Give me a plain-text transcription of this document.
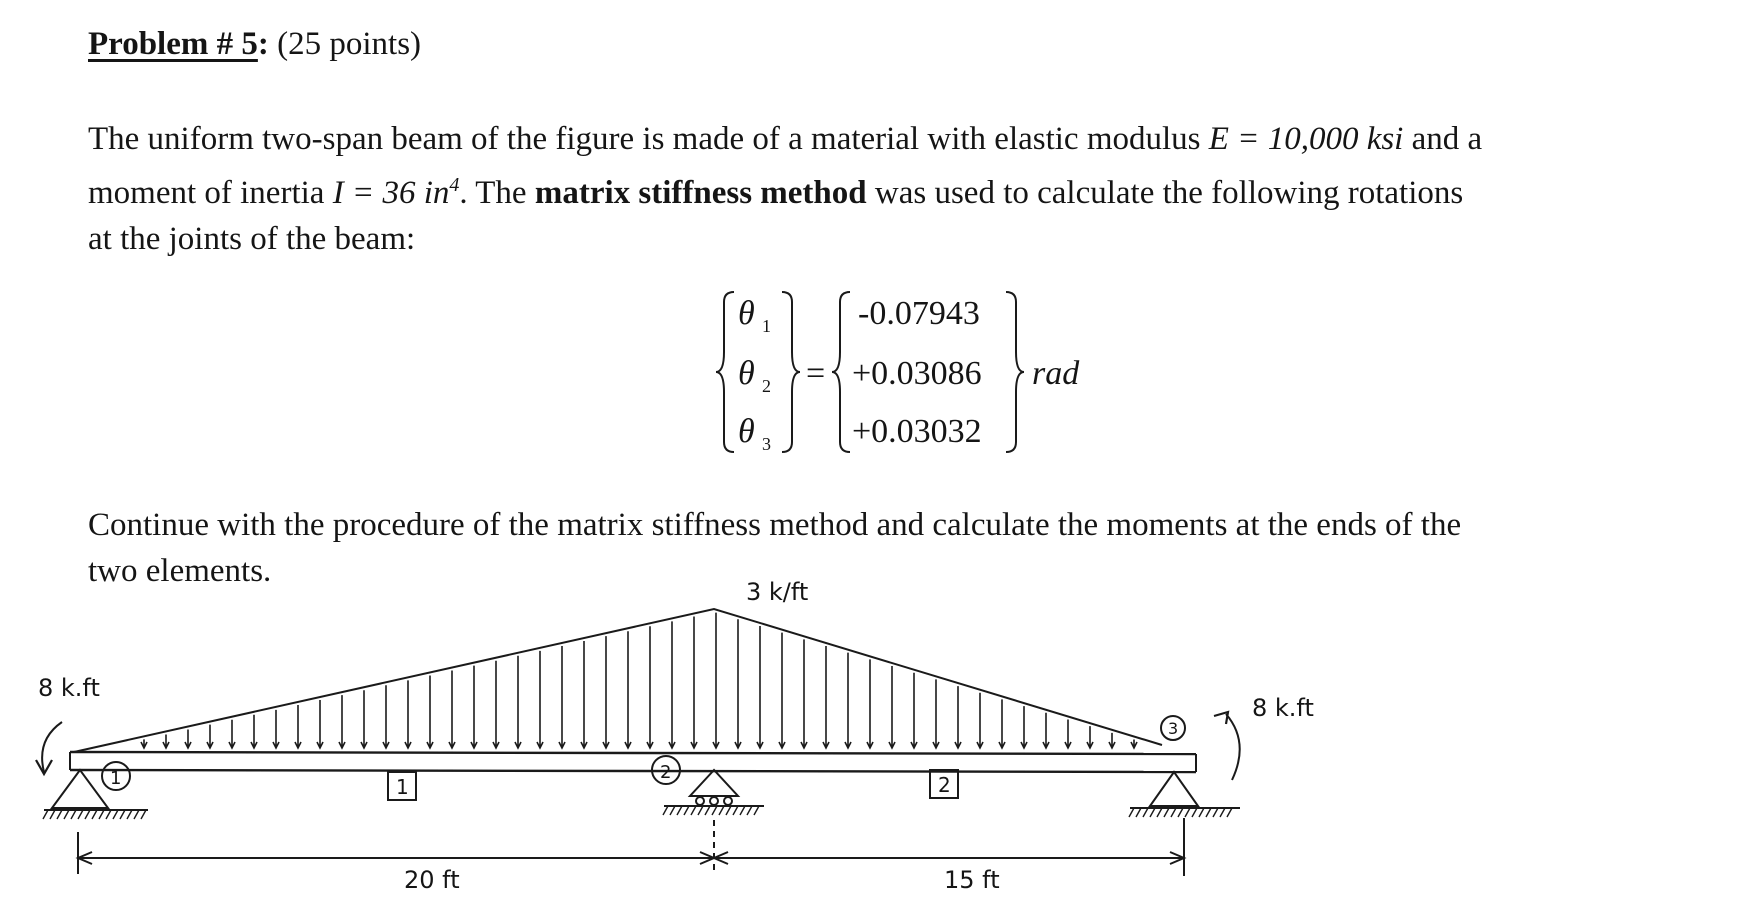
Problem # 5: (25 points)
The uniform two-span beam of the figure is made of a material with elastic modulus E = 10,000 ksi and a
moment of inertia I = 36 $in^4$. The matrix stiffness method was used to calculate the following rotations
at the joints of the beam:
θ 1
θ 2
θ 3
=
-0.07943
+0.03086
+0.03032
rad
Continue with the procedure of the matrix stiffness method and calculate the moments at the ends of the
two elements.
3 k/ft
8 k.ft
8 k.ft
1	2
3
1	2
20 ft	15 ft
